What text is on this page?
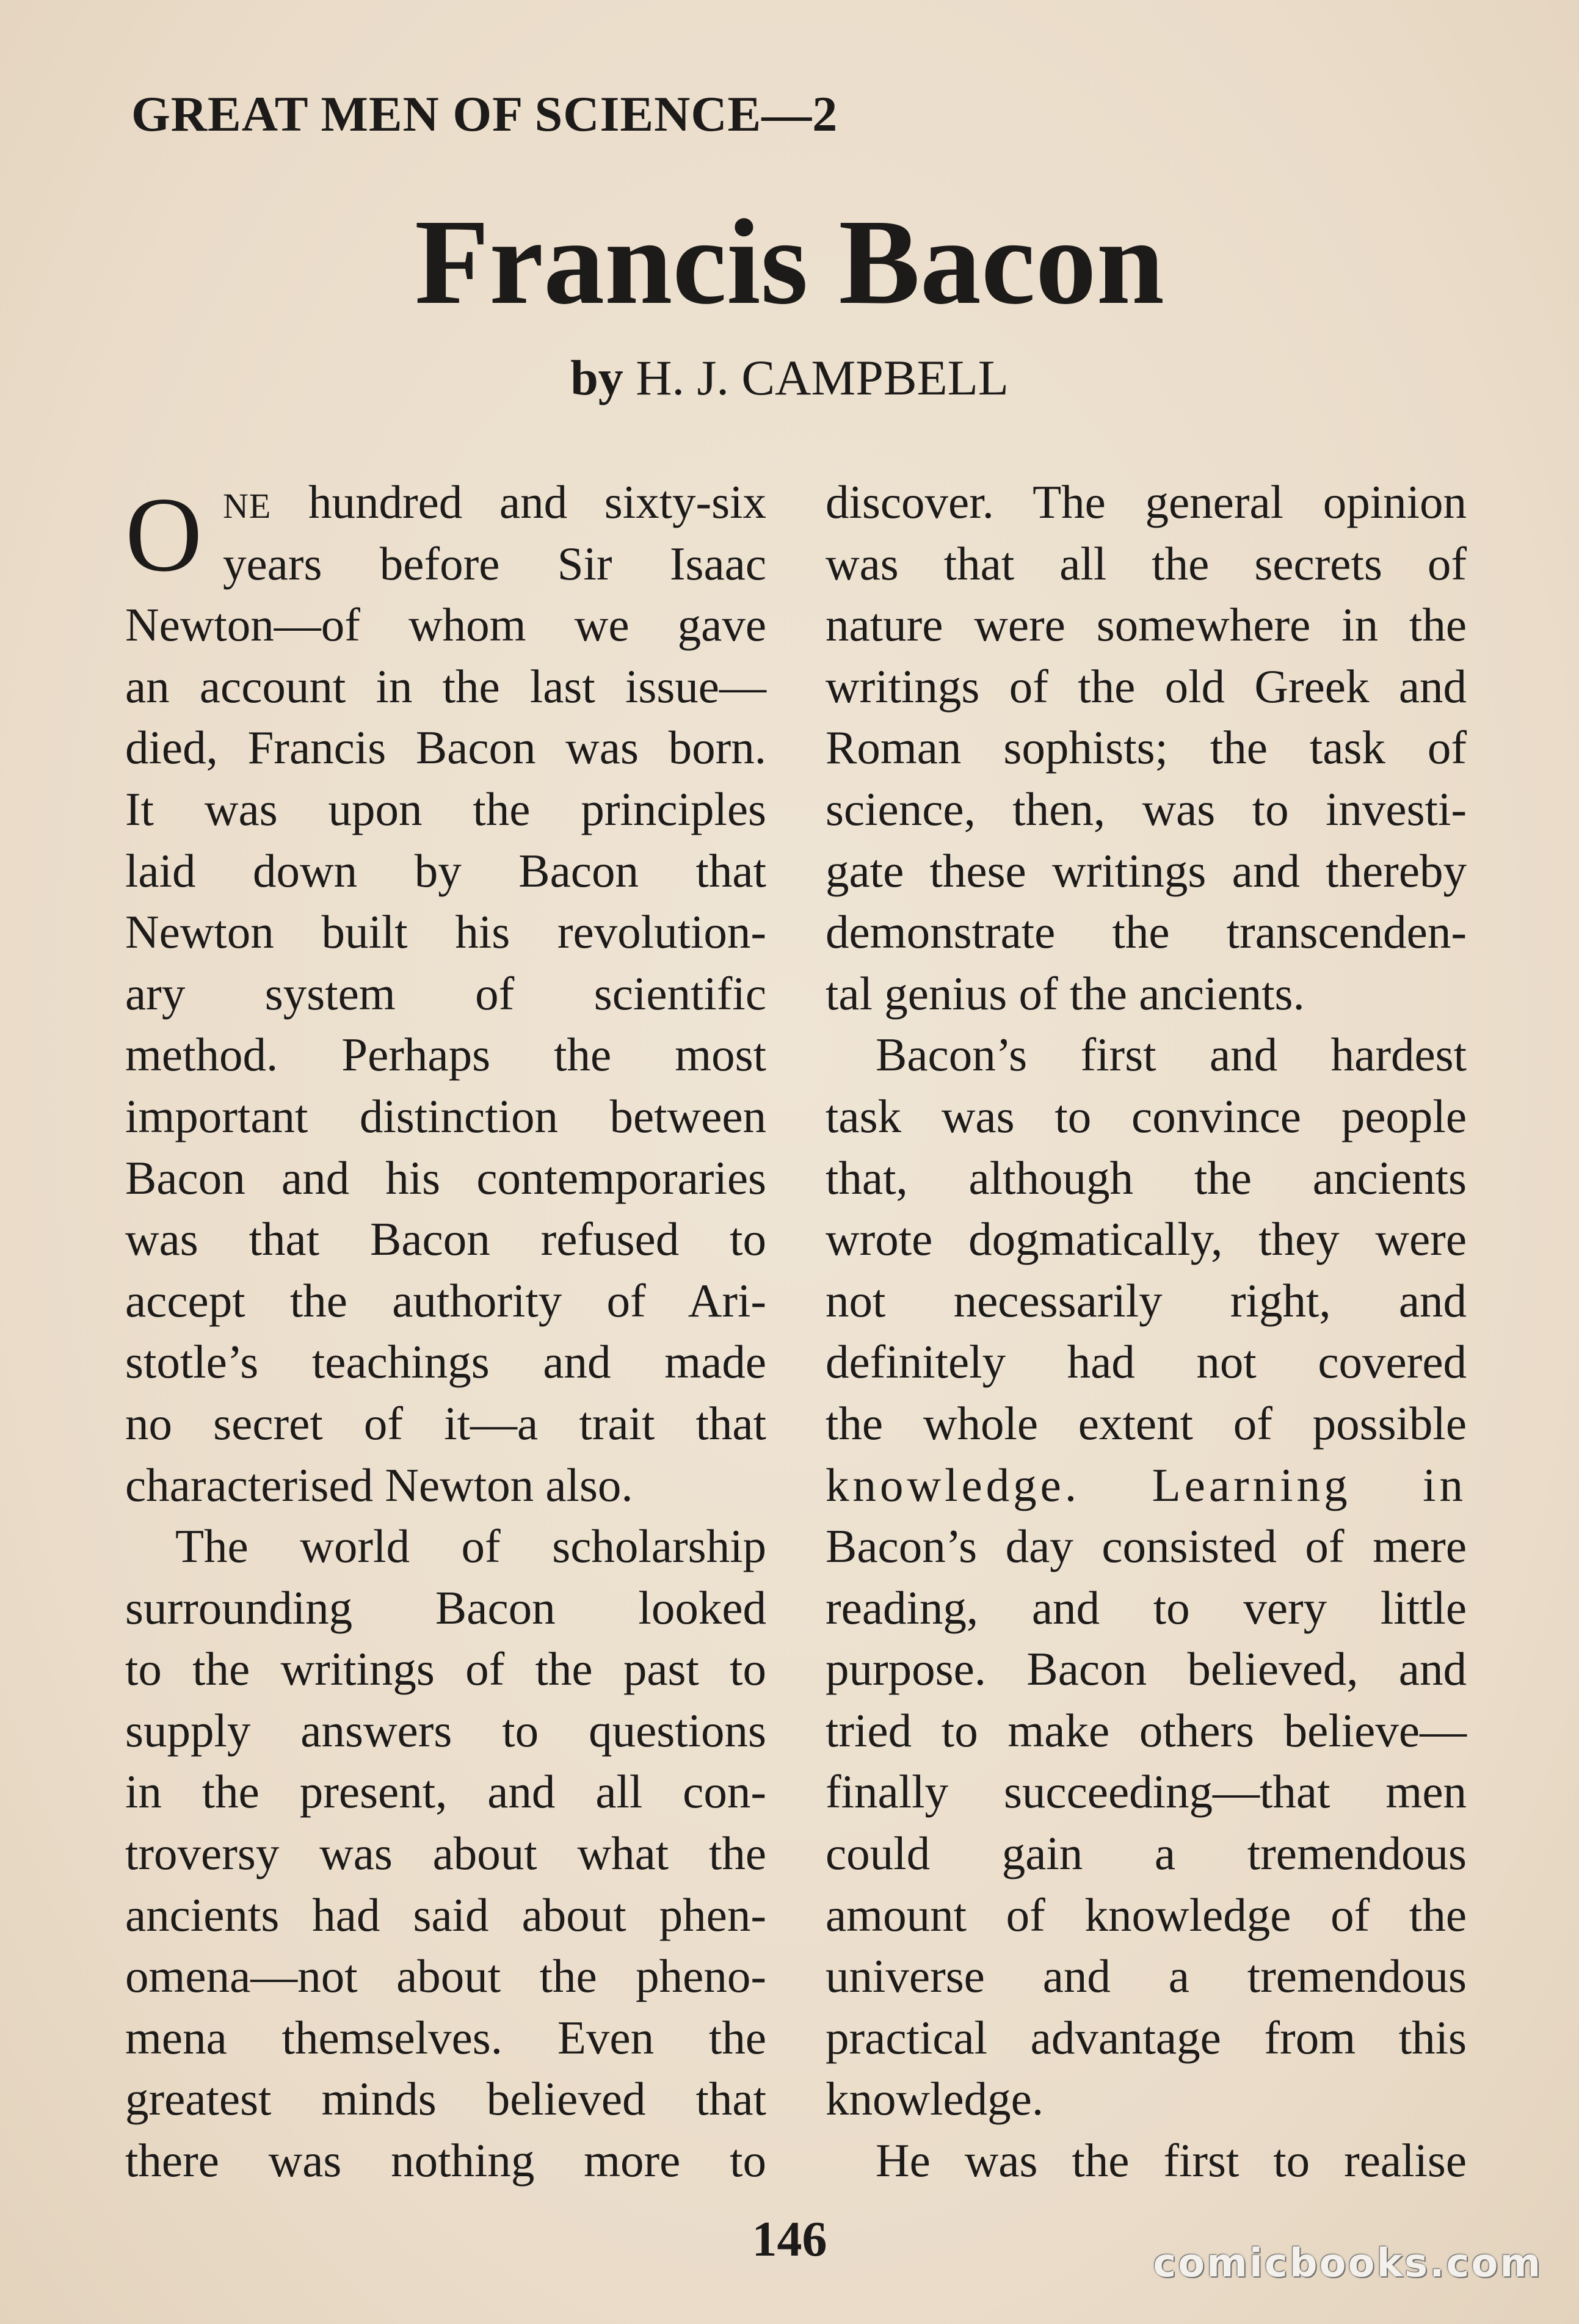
GREAT MEN OF SCIENCE—2
Francis Bacon
by H. J. CAMPBELL
O NE hundred and sixty-six
years before Sir Isaac
Newton—of whom we gave
an account in the last issue—
died, Francis Bacon was born.
It was upon the principles
laid down by Bacon that
Newton built his revolution-
ary system of scientific
method. Perhaps the most
important distinction between
Bacon and his contemporaries
was that Bacon refused to
accept the authority of Ari-
stotle’s teachings and made
no secret of it—a trait that
characterised Newton also.
The world of scholarship
surrounding Bacon looked
to the writings of the past to
supply answers to questions
in the present, and all con-
troversy was about what the
ancients had said about phen-
omena—not about the pheno-
mena themselves. Even the
greatest minds believed that
there was nothing more to
discover. The general opinion
was that all the secrets of
nature were somewhere in the
writings of the old Greek and
Roman sophists; the task of
science, then, was to investi-
gate these writings and thereby
demonstrate the transcenden-
tal genius of the ancients.
Bacon’s first and hardest
task was to convince people
that, although the ancients
wrote dogmatically, they were
not necessarily right, and
definitely had not covered
the whole extent of possible
knowledge. Learning in
Bacon’s day consisted of mere
reading, and to very little
purpose. Bacon believed, and
tried to make others believe—
finally succeeding—that men
could gain a tremendous
amount of knowledge of the
universe and a tremendous
practical advantage from this
knowledge.
He was the first to realise
146	comicbooks.com
